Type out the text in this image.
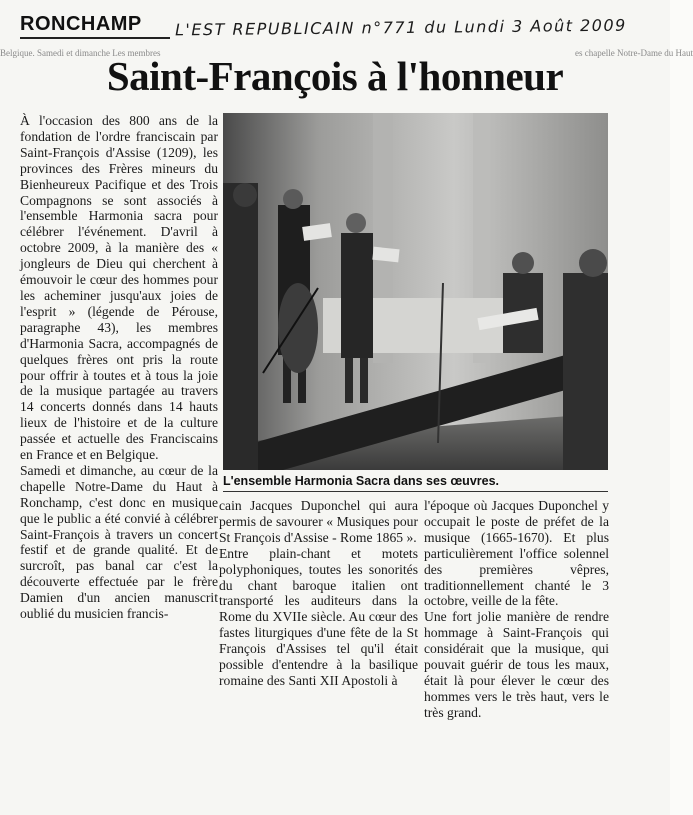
Belgique. Samedi et dimanche Les membres	es chapelle Notre-Dame du Haut
RONCHAMP L'EST REPUBLICAIN n°771 du Lundi 3 Août 2009
Saint-François à l'honneur

À l'occasion des 800 ans de la fondation de l'ordre franciscain par Saint-François d'Assise (1209), les provinces des Frères mineurs du Bienheureux Pacifique et des Trois Compagnons se sont associés à l'ensemble Harmonia sacra pour célébrer l'événement. D'avril à octobre 2009, à la manière des « jongleurs de Dieu qui cherchent à émouvoir le cœur des hommes pour les acheminer jusqu'aux joies de l'esprit » (légende de Pérouse, paragraphe 43), les membres d'Harmonia Sacra, accompagnés de quelques frères ont pris la route pour offrir à toutes et à tous la joie de la musique partagée au travers 14 concerts donnés dans 14 hauts lieux de l'histoire et de la culture passée et actuelle des Franciscains en France et en Belgique.

Samedi et dimanche, au cœur de la chapelle Notre-Dame du Haut à Ronchamp, c'est donc en musique que le public a été convié à célébrer Saint-François à travers un concert festif et de grande qualité. Et de surcroît, pas banal car c'est la découverte effectuée par le frère Damien d'un ancien manuscrit oublié du musicien francis-

L'ensemble Harmonia Sacra dans ses œuvres.

cain Jacques Duponchel qui aura permis de savourer « Musiques pour St François d'Assise - Rome 1865 ».

Entre plain-chant et motets polyphoniques, toutes les sonorités du chant baroque italien ont transporté les auditeurs dans la Rome du XVIIe siècle. Au cœur des fastes liturgiques d'une fête de la St François d'Assises tel qu'il était possible d'entendre à la basilique romaine des Santi XII Apostoli à

l'époque où Jacques Duponchel y occupait le poste de préfet de la musique (1665-1670). Et plus particulièrement l'office solennel des premières vêpres, traditionnellement chanté le 3 octobre, veille de la fête.

Une fort jolie manière de rendre hommage à Saint-François qui considérait que la musique, qui pouvait guérir de tous les maux, était là pour élever le cœur des hommes vers le très haut, vers le très grand.
